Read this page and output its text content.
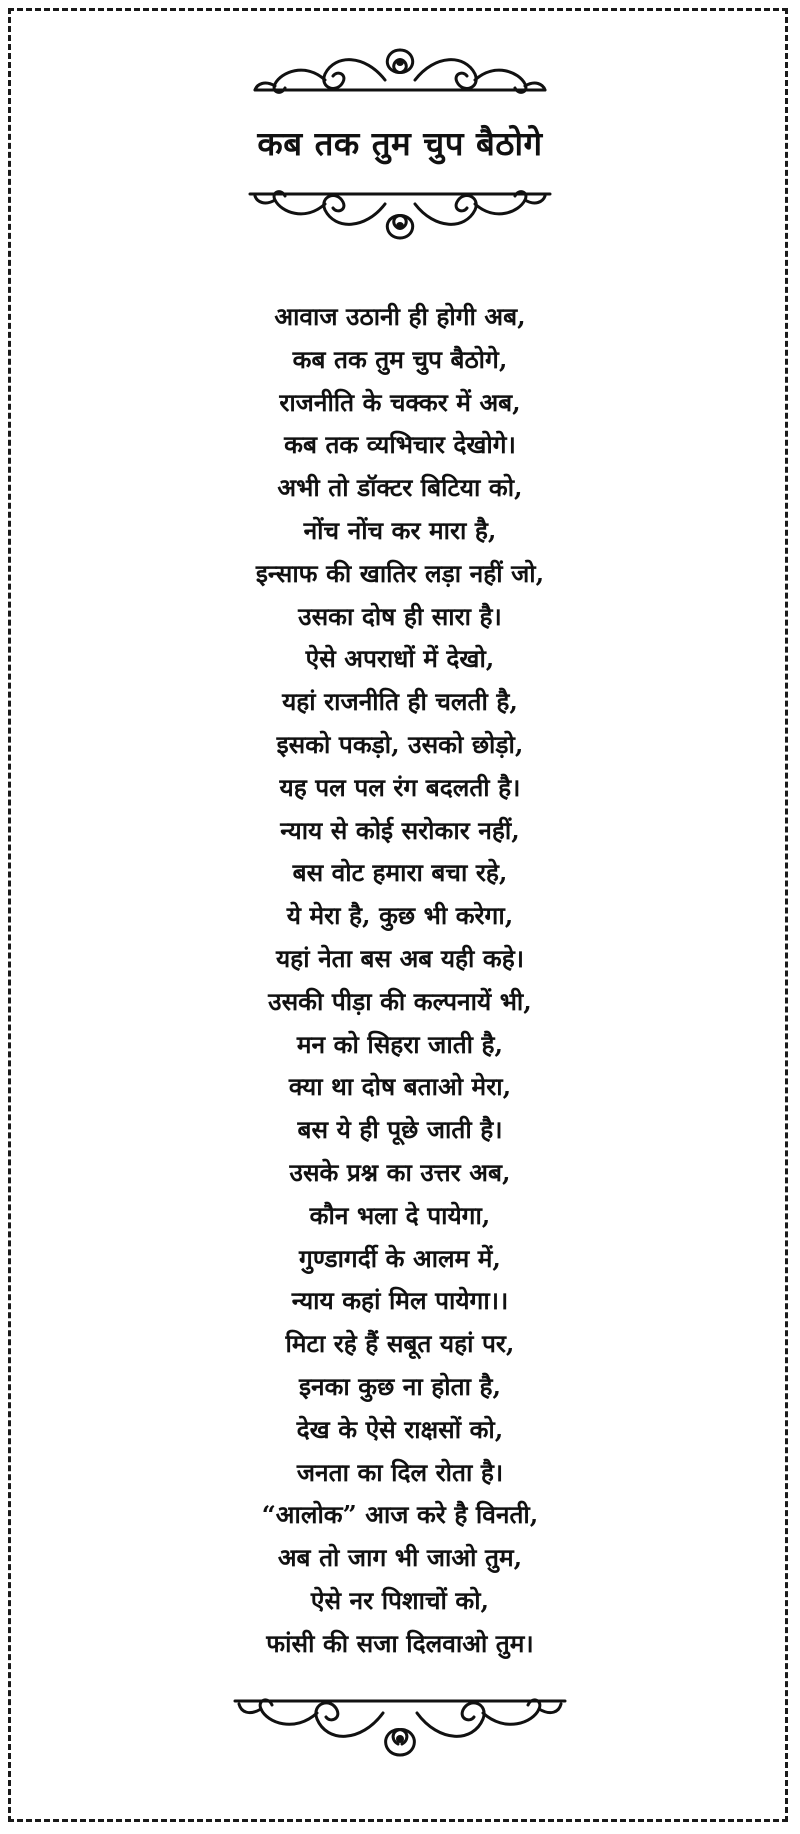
कब तक तुम चुप बैठोगे
आवाज उठानी ही होगी अब,
कब तक तुम चुप बैठोगे,
राजनीति के चक्कर में अब,
कब तक व्यभिचार देखोगे।
अभी तो डॉक्टर बिटिया को,
नोंच नोंच कर मारा है,
इन्साफ की खातिर लड़ा नहीं जो,
उसका दोष ही सारा है।
ऐसे अपराधों में देखो,
यहां राजनीति ही चलती है,
इसको पकड़ो, उसको छोड़ो,
यह पल पल रंग बदलती है।
न्याय से कोई सरोकार नहीं,
बस वोट हमारा बचा रहे,
ये मेरा है, कुछ भी करेगा,
यहां नेता बस अब यही कहे।
उसकी पीड़ा की कल्पनायें भी,
मन को सिहरा जाती है,
क्या था दोष बताओ मेरा,
बस ये ही पूछे जाती है।
उसके प्रश्न का उत्तर अब,
कौन भला दे पायेगा,
गुण्डागर्दी के आलम में,
न्याय कहां मिल पायेगा।।
मिटा रहे हैं सबूत यहां पर,
इनका कुछ ना होता है,
देख के ऐसे राक्षसों को,
जनता का दिल रोता है।
“आलोक” आज करे है विनती,
अब तो जाग भी जाओ तुम,
ऐसे नर पिशाचों को,
फांसी की सजा दिलवाओ तुम।
